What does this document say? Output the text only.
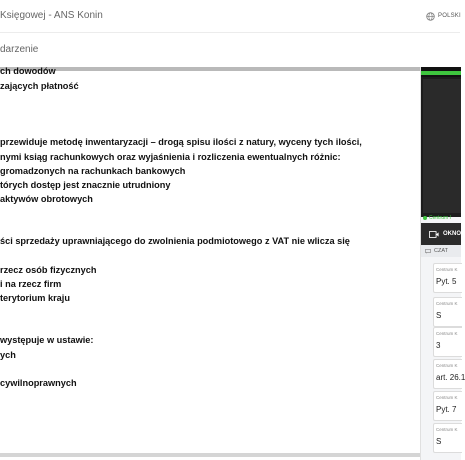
Księgowej - ANS Konin	POLSKI
darzenie
ch dowodów
zających płatność
przewiduje metodę inwentaryzacji – drogą spisu ilości z natury, wyceny tych ilości,
nymi ksiąg rachunkowych oraz wyjaśnienia i rozliczenia ewentualnych różnic:
gromadzonych na rachunkach bankowych
tórych dostęp jest znacznie utrudniony
aktywów obrotowych
ści sprzedaży uprawniającego do zwolnienia podmiotowego z VAT nie wlicza się
rzecz osób fizycznych
i na rzecz firm
terytorium kraju
występuje w ustawie:
ych
cywilnoprawnych
Centrum I
OKNO
CZAT
Centrum K
Pyt. 5
Centrum K
S
Centrum K
3
Centrum K
art. 26.1
Centrum K
Pyt. 7
Centrum K
S
